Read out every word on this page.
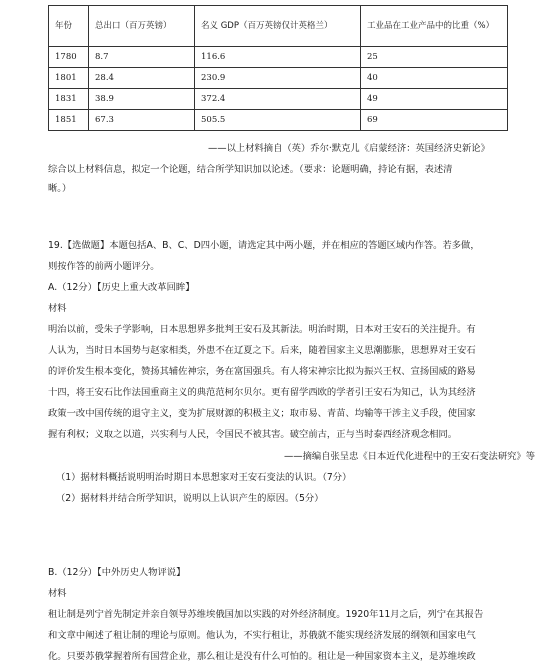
年份	总出口（百万英镑）	名义 GDP（百万英镑仅计英格兰）	工业品在工业产品中的比重（%）
1780	8.7	116.6	25
1801	28.4	230.9	40
1831	38.9	372.4	49
1851	67.3	505.5	69
——以上材料摘自（英）乔尔·默克儿《启蒙经济：英国经济史新论》
综合以上材料信息，拟定一个论题，结合所学知识加以论述。（要求：论题明确，持论有据，表述清
晰。）
19.【选做题】本题包括A、B、C、D四小题，请选定其中两小题，并在相应的答题区域内作答。若多做，
则按作答的前两小题评分。
A.（12分）【历史上重大改革回眸】
材料
明治以前，受朱子学影响，日本思想界多批判王安石及其新法。明治时期，日本对王安石的关注提升。有
人认为，当时日本国势与赵家相类，外患不在辽夏之下。后来，随着国家主义思潮膨胀，思想界对王安石
的评价发生根本变化，赞扬其辅佐神宗，务在富国强兵。有人将宋神宗比拟为振兴王权、宣扬国威的路易
十四，将王安石比作法国重商主义的典范范柯尔贝尔。更有留学西欧的学者引王安石为知己，认为其经济
政策一改中国传统的退守主义，变为扩展财源的积极主义；取市易、青苗、均输等干涉主义手段，使国家
握有利权；义取之以道，兴实利与人民，令国民不被其害。破空前古，正与当时泰西经济观念相同。
——摘编自张呈忠《日本近代化进程中的王安石变法研究》等
（1）据材料概括说明明治时期日本思想家对王安石变法的认识。（7分）
（2）据材料并结合所学知识，说明以上认识产生的原因。（5分）
B.（12分）【中外历史人物评说】
材料
租让制是列宁首先制定并亲自领导苏维埃俄国加以实践的对外经济制度。1920年11月之后，列宁在其报告
和文章中阐述了租让制的理论与原则。他认为，不实行租让，苏俄就不能实现经济发展的纲领和国家电气
化。只要苏俄掌握着所有国营企业，那么租让是没有什么可怕的。租让是一种国家资本主义，是苏维埃政
